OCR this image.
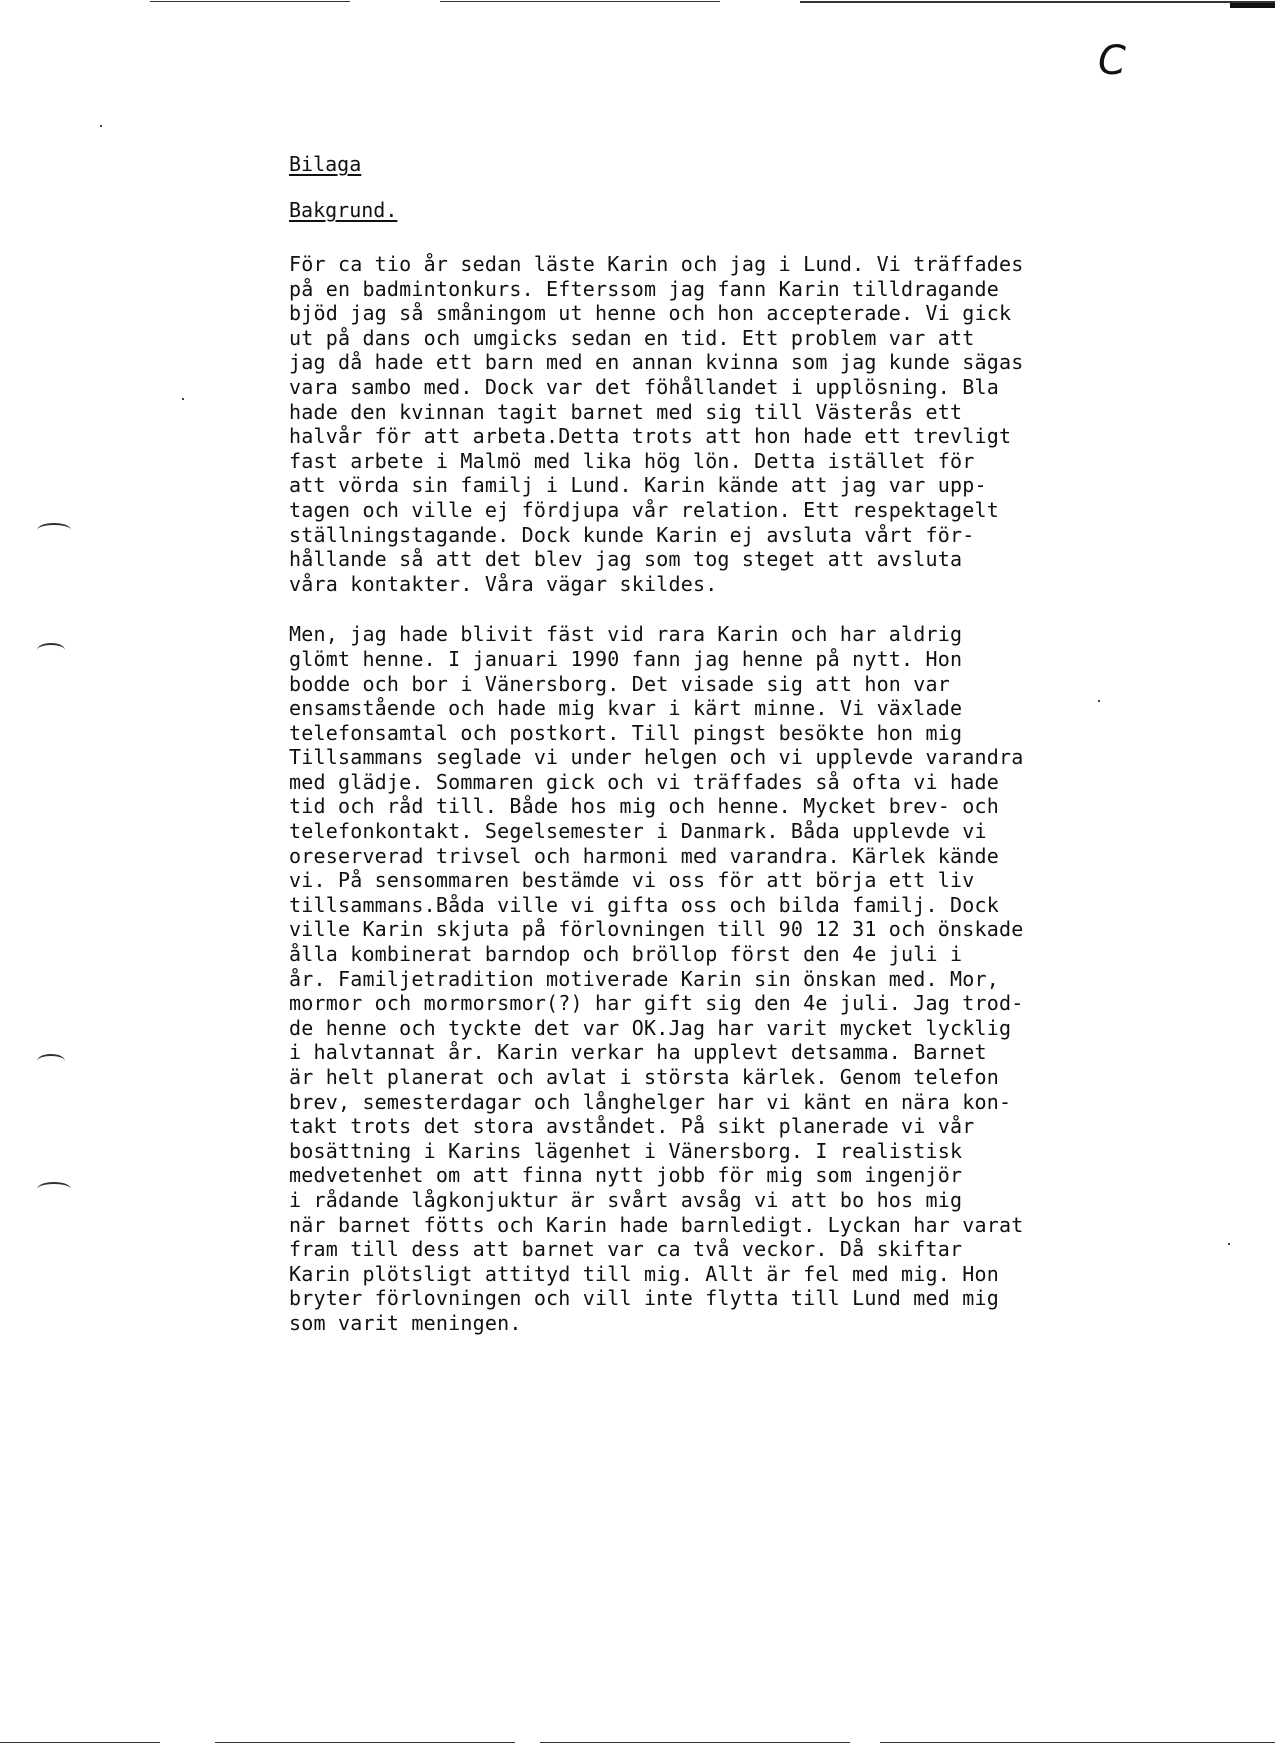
C
Bilaga
Bakgrund.

För ca tio år sedan läste Karin och jag i Lund. Vi träffades
på en badmintonkurs. Efterssom jag fann Karin tilldragande
bjöd jag så småningom ut henne och hon accepterade. Vi gick
ut på dans och umgicks sedan en tid. Ett problem var att
jag då hade ett barn med en annan kvinna som jag kunde sägas
vara sambo med. Dock var det föhållandet i upplösning. Bla
hade den kvinnan tagit barnet med sig till Västerås ett
halvår för att arbeta.Detta trots att hon hade ett trevligt
fast arbete i Malmö med lika hög lön. Detta istället för
att vörda sin familj i Lund. Karin kände att jag var upp-
tagen och ville ej fördjupa vår relation. Ett respektagelt
ställningstagande. Dock kunde Karin ej avsluta vårt för-
hållande så att det blev jag som tog steget att avsluta
våra kontakter. Våra vägar skildes.

Men, jag hade blivit fäst vid rara Karin och har aldrig
glömt henne. I januari 1990 fann jag henne på nytt. Hon
bodde och bor i Vänersborg. Det visade sig att hon var
ensamstående och hade mig kvar i kärt minne. Vi växlade
telefonsamtal och postkort. Till pingst besökte hon mig
Tillsammans seglade vi under helgen och vi upplevde varandra
med glädje. Sommaren gick och vi träffades så ofta vi hade
tid och råd till. Både hos mig och henne. Mycket brev- och
telefonkontakt. Segelsemester i Danmark. Båda upplevde vi
oreserverad trivsel och harmoni med varandra. Kärlek kände
vi. På sensommaren bestämde vi oss för att börja ett liv
tillsammans.Båda ville vi gifta oss och bilda familj. Dock
ville Karin skjuta på förlovningen till 90 12 31 och önskade
ålla kombinerat barndop och bröllop först den 4e juli i
år. Familjetradition motiverade Karin sin önskan med. Mor,
mormor och mormorsmor(?) har gift sig den 4e juli. Jag trod-
de henne och tyckte det var OK.Jag har varit mycket lycklig
i halvtannat år. Karin verkar ha upplevt detsamma. Barnet
är helt planerat och avlat i största kärlek. Genom telefon
brev, semesterdagar och långhelger har vi känt en nära kon-
takt trots det stora avståndet. På sikt planerade vi vår
bosättning i Karins lägenhet i Vänersborg. I realistisk
medvetenhet om att finna nytt jobb för mig som ingenjör
i rådande lågkonjuktur är svårt avsåg vi att bo hos mig
när barnet fötts och Karin hade barnledigt. Lyckan har varat
fram till dess att barnet var ca två veckor. Då skiftar
Karin plötsligt attityd till mig. Allt är fel med mig. Hon
bryter förlovningen och vill inte flytta till Lund med mig
som varit meningen.
